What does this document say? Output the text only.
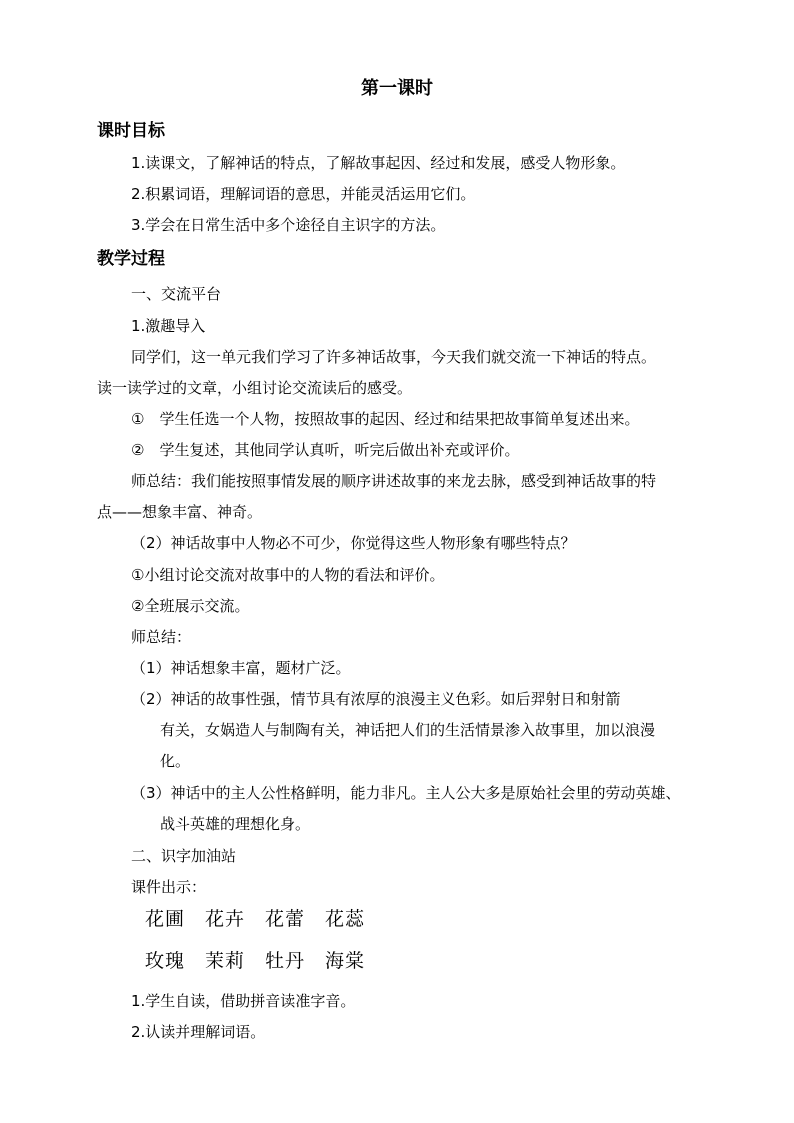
第一课时
课时目标
1.读课文，了解神话的特点，了解故事起因、经过和发展，感受人物形象。
2.积累词语，理解词语的意思，并能灵活运用它们。
3.学会在日常生活中多个途径自主识字的方法。
教学过程
一、交流平台
1.激趣导入
同学们，这一单元我们学习了许多神话故事，今天我们就交流一下神话的特点。
读一读学过的文章，小组讨论交流读后的感受。
①　学生任选一个人物，按照故事的起因、经过和结果把故事简单复述出来。
②　学生复述，其他同学认真听，听完后做出补充或评价。
师总结：我们能按照事情发展的顺序讲述故事的来龙去脉，感受到神话故事的特
点——想象丰富、神奇。
（2）神话故事中人物必不可少，你觉得这些人物形象有哪些特点？
①小组讨论交流对故事中的人物的看法和评价。
②全班展示交流。
师总结：
（1）神话想象丰富，题材广泛。
（2）神话的故事性强，情节具有浓厚的浪漫主义色彩。如后羿射日和射箭
有关，女娲造人与制陶有关，神话把人们的生活情景渗入故事里，加以浪漫
化。
（3）神话中的主人公性格鲜明，能力非凡。主人公大多是原始社会里的劳动英雄、
战斗英雄的理想化身。
二、识字加油站
课件出示：
花圃　花卉　花蕾　花蕊
玫瑰　茉莉　牡丹　海棠
1.学生自读，借助拼音读准字音。
2.认读并理解词语。
